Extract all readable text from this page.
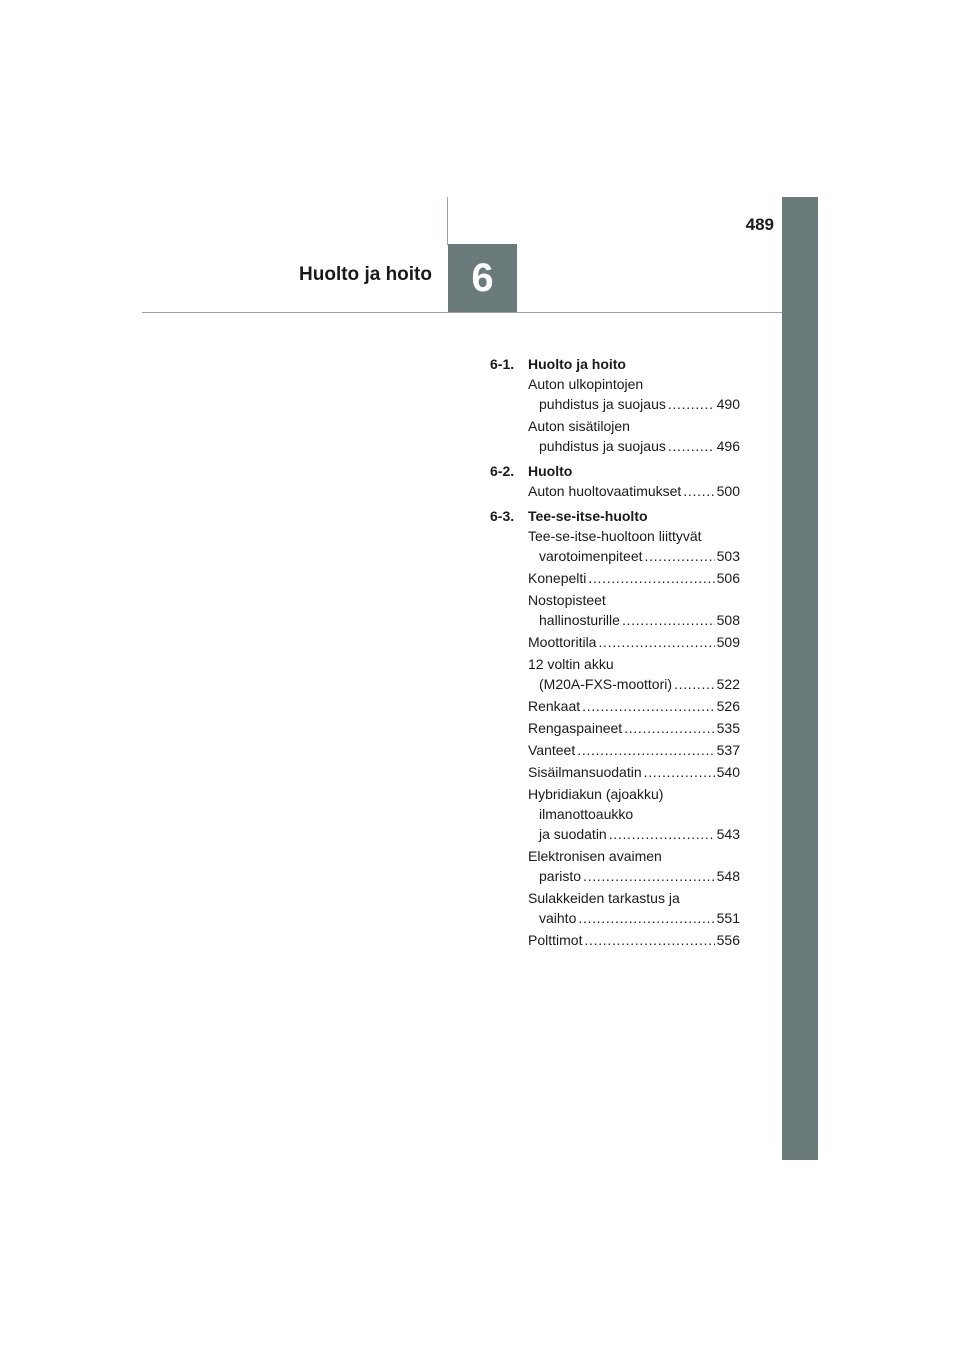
489
6
Huolto ja hoito
6-1. Huolto ja hoito
Auton ulkopintojen
puhdistus ja suojaus . . .	490
Auton sisätilojen
puhdistus ja suojaus . . .	496
6-2. Huolto
Auton huoltovaatimukset . . .	500
6-3. Tee-se-itse-huolto
Tee-se-itse-huoltoon liittyvät
varotoimenpiteet . . .	503
Konepelti . . .	506
Nostopisteet
hallinosturille . . .	508
Moottoritila . . .	509
12 voltin akku
(M20A-FXS-moottori) . . .	522
Renkaat . . .	526
Rengaspaineet . . .	535
Vanteet . . .	537
Sisäilmansuodatin . . .	540
Hybridiakun (ajoakku)
ilmanottoaukko
ja suodatin . . .	543
Elektronisen avaimen
paristo . . .	548
Sulakkeiden tarkastus ja
vaihto . . .	551
Polttimot . . .	556
